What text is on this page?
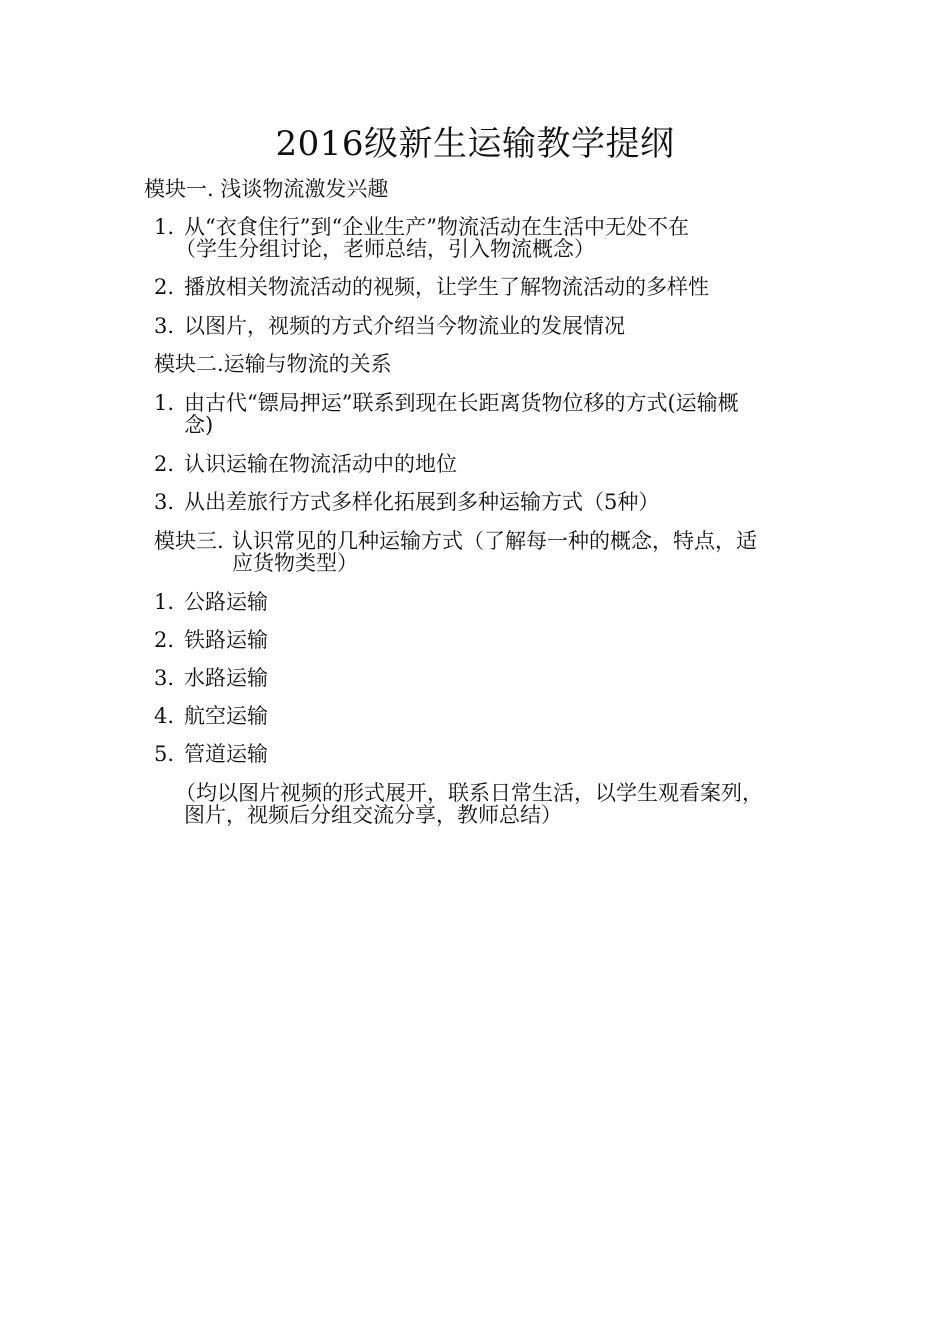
2016级新生运输教学提纲
模块一. 浅谈物流激发兴趣
1. 从“衣食住行”到“企业生产”物流活动在生活中无处不在
（学生分组讨论，老师总结，引入物流概念）
2. 播放相关物流活动的视频，让学生了解物流活动的多样性
3. 以图片，视频的方式介绍当今物流业的发展情况
模块二.运输与物流的关系
1. 由古代“镖局押运”联系到现在长距离货物位移的方式(运输概
念)
2. 认识运输在物流活动中的地位
3. 从出差旅行方式多样化拓展到多种运输方式（5种）
模块三. 认识常见的几种运输方式（了解每一种的概念，特点，适
应货物类型）
1. 公路运输
2. 铁路运输
3. 水路运输
4. 航空运输
5. 管道运输
（均以图片视频的形式展开，联系日常生活，以学生观看案列，
图片，视频后分组交流分享，教师总结）
